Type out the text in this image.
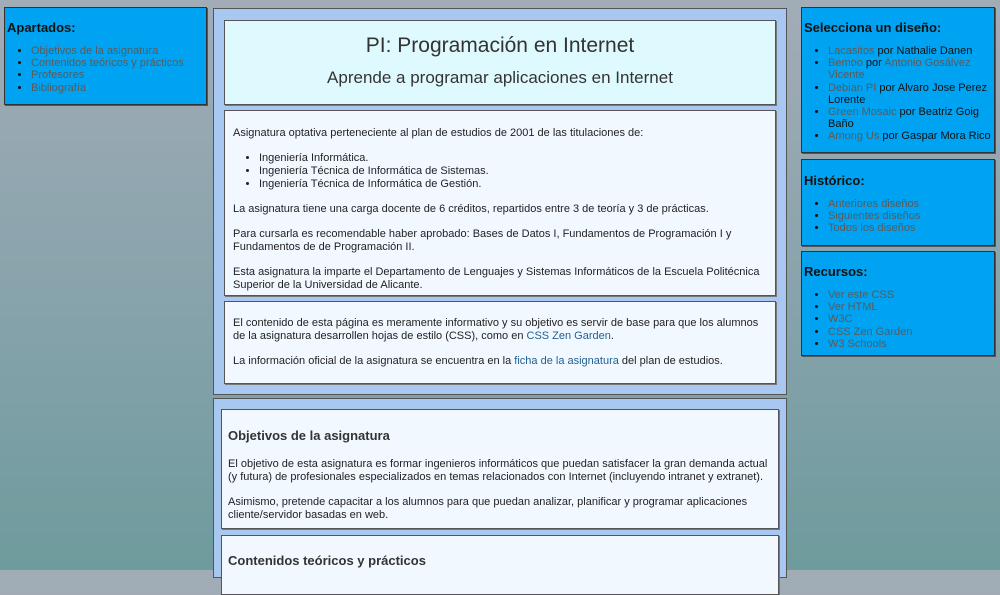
Apartados:
• Objetivos de la asignatura
• Contenidos teóricos y prácticos
• Profesores
• Bibliografía
PI: Programación en Internet
Aprende a programar aplicaciones en Internet

Asignatura optativa perteneciente al plan de estudios de 2001 de las titulaciones de:

• Ingeniería Informática.
• Ingeniería Técnica de Informática de Sistemas.
• Ingeniería Técnica de Informática de Gestión.

La asignatura tiene una carga docente de 6 créditos, repartidos entre 3 de teoría y 3 de prácticas.

Para cursarla es recomendable haber aprobado: Bases de Datos I, Fundamentos de Programación I y Fundamentos de de Programación II.

Esta asignatura la imparte el Departamento de Lenguajes y Sistemas Informáticos de la Escuela Politécnica Superior de la Universidad de Alicante.

El contenido de esta página es meramente informativo y su objetivo es servir de base para que los alumnos de la asignatura desarrollen hojas de estilo (CSS), como en CSS Zen Garden.

La información oficial de la asignatura se encuentra en la ficha de la asignatura del plan de estudios.

Objetivos de la asignatura

El objetivo de esta asignatura es formar ingenieros informáticos que puedan satisfacer la gran demanda actual (y futura) de profesionales especializados en temas relacionados con Internet (incluyendo intranet y extranet).

Asimismo, pretende capacitar a los alumnos para que puedan analizar, planificar y programar aplicaciones cliente/servidor basadas en web.

Contenidos teóricos y prácticos
Selecciona un diseño:
• Lacasitos por Nathalie Danen
• Bemoo por Antonio Gosálvez Vicente
• Debian PI por Alvaro Jose Perez Lorente
• Green Mosaic por Beatriz Goig Baño
• Among Us por Gaspar Mora Rico
Histórico:
• Anteriores diseños
• Siguientes diseños
• Todos los diseños
Recursos:
• Ver este CSS
• Ver HTML
• W3C
• CSS Zen Garden
• W3 Schools
